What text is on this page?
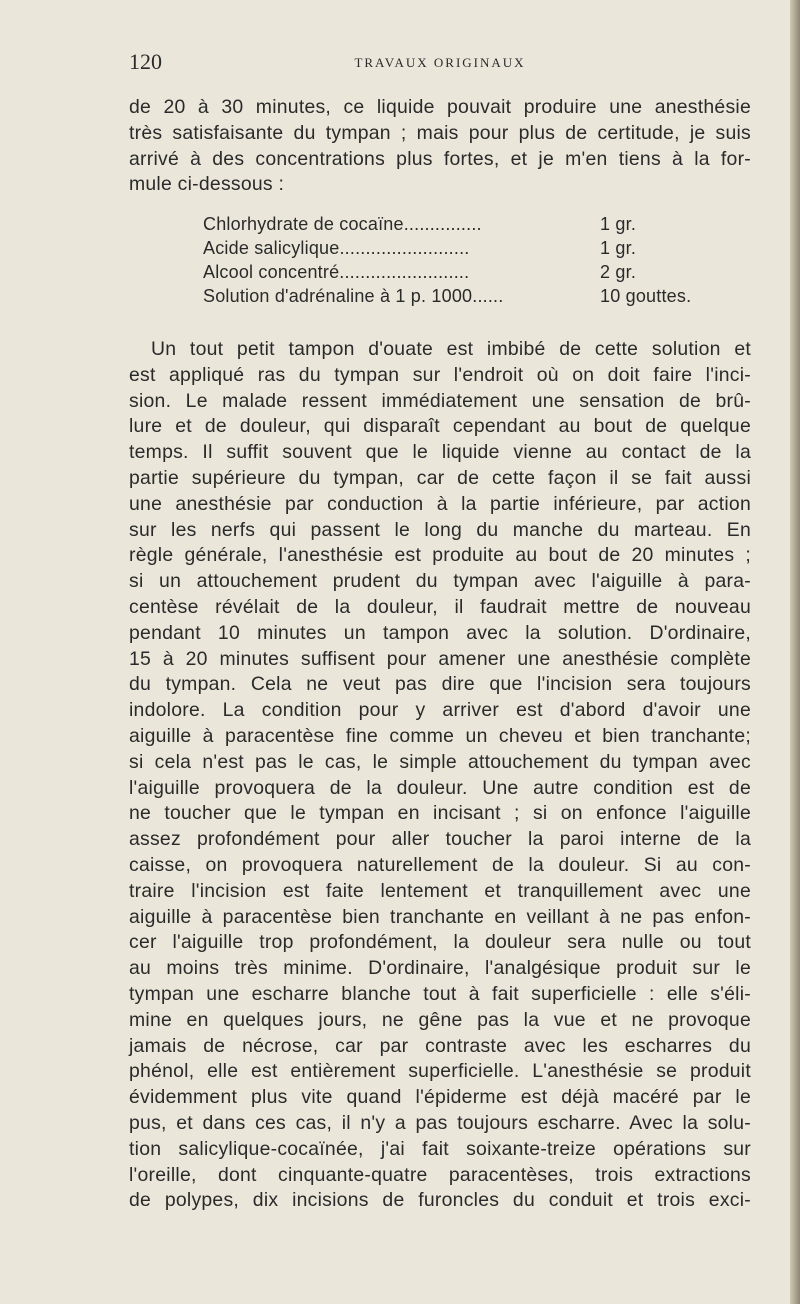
120	TRAVAUX ORIGINAUX
de 20 à 30 minutes, ce liquide pouvait produire une anesthésie
très satisfaisante du tympan ; mais pour plus de certitude, je suis
arrivé à des concentrations plus fortes, et je m'en tiens à la for-
mule ci-dessous :
Chlorhydrate de cocaïne...............	1 gr.
Acide salicylique.........................	1 gr.
Alcool concentré.........................	2 gr.
Solution d'adrénaline à 1 p. 1000......	10 gouttes.
Un tout petit tampon d'ouate est imbibé de cette solution et
est appliqué ras du tympan sur l'endroit où on doit faire l'inci-
sion. Le malade ressent immédiatement une sensation de brû-
lure et de douleur, qui disparaît cependant au bout de quelque
temps. Il suffit souvent que le liquide vienne au contact de la
partie supérieure du tympan, car de cette façon il se fait aussi
une anesthésie par conduction à la partie inférieure, par action
sur les nerfs qui passent le long du manche du marteau. En
règle générale, l'anesthésie est produite au bout de 20 minutes ;
si un attouchement prudent du tympan avec l'aiguille à para-
centèse révélait de la douleur, il faudrait mettre de nouveau
pendant 10 minutes un tampon avec la solution. D'ordinaire,
15 à 20 minutes suffisent pour amener une anesthésie complète
du tympan. Cela ne veut pas dire que l'incision sera toujours
indolore. La condition pour y arriver est d'abord d'avoir une
aiguille à paracentèse fine comme un cheveu et bien tranchante;
si cela n'est pas le cas, le simple attouchement du tympan avec
l'aiguille provoquera de la douleur. Une autre condition est de
ne toucher que le tympan en incisant ; si on enfonce l'aiguille
assez profondément pour aller toucher la paroi interne de la
caisse, on provoquera naturellement de la douleur. Si au con-
traire l'incision est faite lentement et tranquillement avec une
aiguille à paracentèse bien tranchante en veillant à ne pas enfon-
cer l'aiguille trop profondément, la douleur sera nulle ou tout
au moins très minime. D'ordinaire, l'analgésique produit sur le
tympan une escharre blanche tout à fait superficielle : elle s'éli-
mine en quelques jours, ne gêne pas la vue et ne provoque
jamais de nécrose, car par contraste avec les escharres du
phénol, elle est entièrement superficielle. L'anesthésie se produit
évidemment plus vite quand l'épiderme est déjà macéré par le
pus, et dans ces cas, il n'y a pas toujours escharre. Avec la solu-
tion salicylique-cocaïnée, j'ai fait soixante-treize opérations sur
l'oreille, dont cinquante-quatre paracentèses, trois extractions
de polypes, dix incisions de furoncles du conduit et trois exci-
